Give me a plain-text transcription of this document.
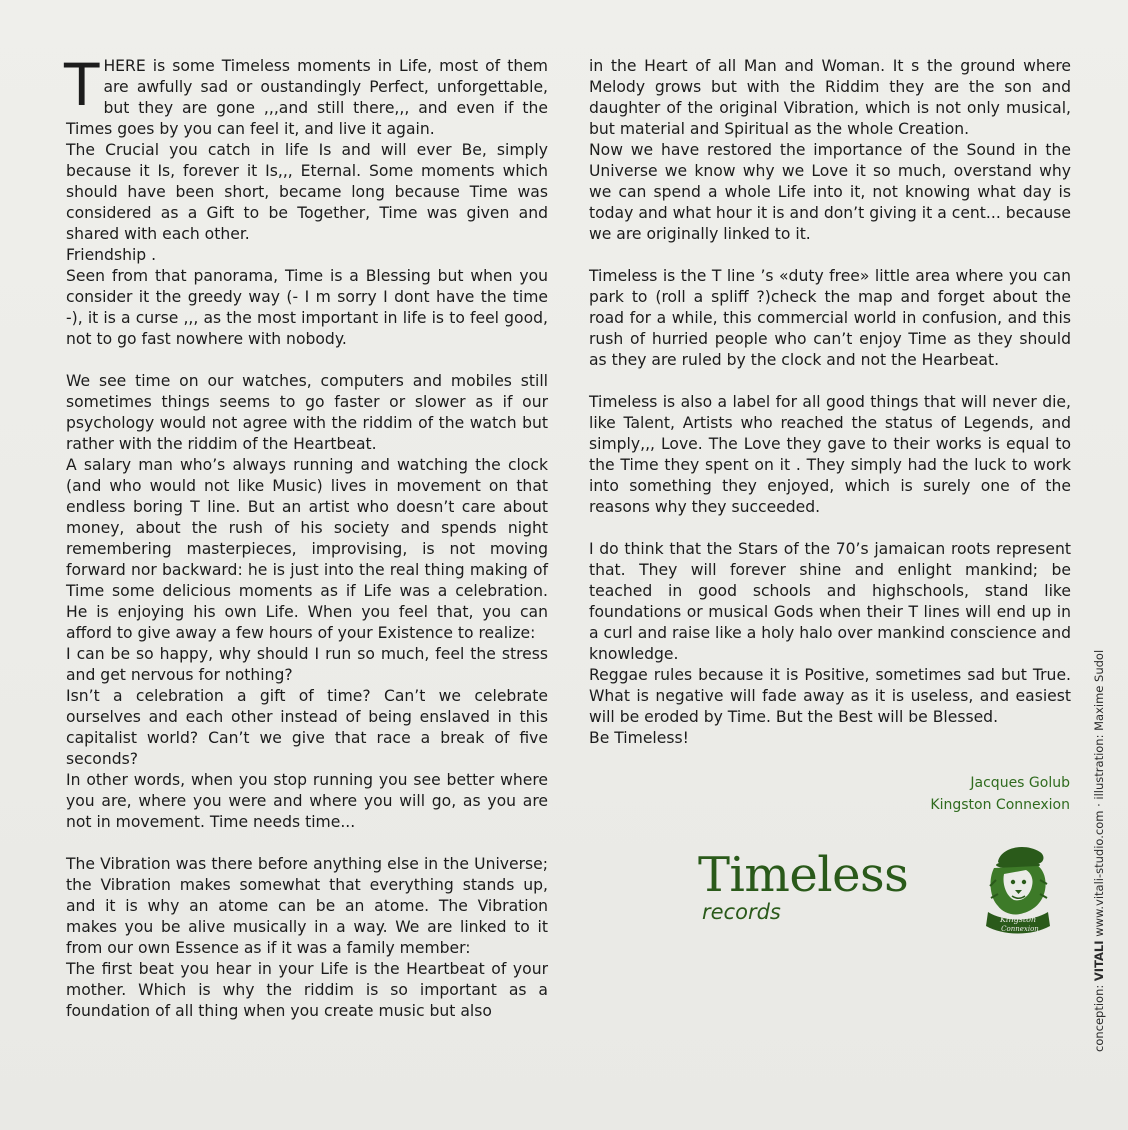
T HERE is some Timeless moments in Life, most of them are awfully sad or oustandingly Perfect, unforgettable, but they are gone ,,,and still there,,, and even if the Times goes by you can feel it, and live it again.

The Crucial you catch in life Is and will ever Be, simply because it Is, forever it Is,,, Eternal. Some moments which should have been short, became long because Time was considered as a Gift to be Together, Time was given and shared with each other.

Friendship .

Seen from that panorama, Time is a Blessing but when you consider it the greedy way (- I m sorry I dont have the time -), it is a curse ,,, as the most important in life is to feel good, not to go fast nowhere with nobody.

We see time on our watches, computers and mobiles still sometimes things seems to go faster or slower as if our psychology would not agree with the riddim of the watch but rather with the riddim of the Heartbeat.

A salary man who’s always running and watching the clock (and who would not like Music) lives in movement on that endless boring T line. But an artist who doesn’t care about money, about the rush of his society and spends night remembering masterpieces, improvising, is not moving forward nor backward: he is just into the real thing making of Time some delicious moments as if Life was a celebration. He is enjoying his own Life. When you feel that, you can afford to give away a few hours of your Existence to realize:

I can be so happy, why should I run so much, feel the stress and get nervous for nothing?

Isn’t a celebration a gift of time? Can’t we celebrate ourselves and each other instead of being enslaved in this capitalist world? Can’t we give that race a break of five seconds?

In other words, when you stop running you see better where you are, where you were and where you will go, as you are not in movement. Time needs time...

The Vibration was there before anything else in the Universe; the Vibration makes somewhat that everything stands up, and it is why an atome can be an atome. The Vibration makes you be alive musically in a way. We are linked to it from our own Essence as if it was a family member:

The first beat you hear in your Life is the Heartbeat of your mother. Which is why the riddim is so important as a foundation of all thing when you create music but also

in the Heart of all Man and Woman. It s the ground where Melody grows but with the Riddim they are the son and daughter of the original Vibration, which is not only musical, but material and Spiritual as the whole Creation.

Now we have restored the importance of the Sound in the Universe we know why we Love it so much, overstand why we can spend a whole Life into it, not knowing what day is today and what hour it is and don’t giving it a cent... because we are originally linked to it.

Timeless is the T line ’s «duty free» little area where you can park to (roll a spliff ?)check the map and forget about the road for a while, this commercial world in confusion, and this rush of hurried people who can’t enjoy Time as they should as they are ruled by the clock and not the Hearbeat.

Timeless is also a label for all good things that will never die, like Talent, Artists who reached the status of Legends, and simply,,, Love. The Love they gave to their works is equal to the Time they spent on it . They simply had the luck to work into something they enjoyed, which is surely one of the reasons why they succeeded.

I do think that the Stars of the 70’s jamaican roots represent that. They will forever shine and enlight mankind; be teached in good schools and highschools, stand like foundations or musical Gods when their T lines will end up in a curl and raise like a holy halo over mankind conscience and knowledge.

Reggae rules because it is Positive, sometimes sad but True. What is negative will fade away as it is useless, and easiest will be eroded by Time. But the Best will be Blessed.

Be Timeless!

Jacques Golub
Kingston Connexion
Timeless
records	Kingston
Connexion
conception: VITALI www.vitali-studio.com · illustration: Maxime Sudol
